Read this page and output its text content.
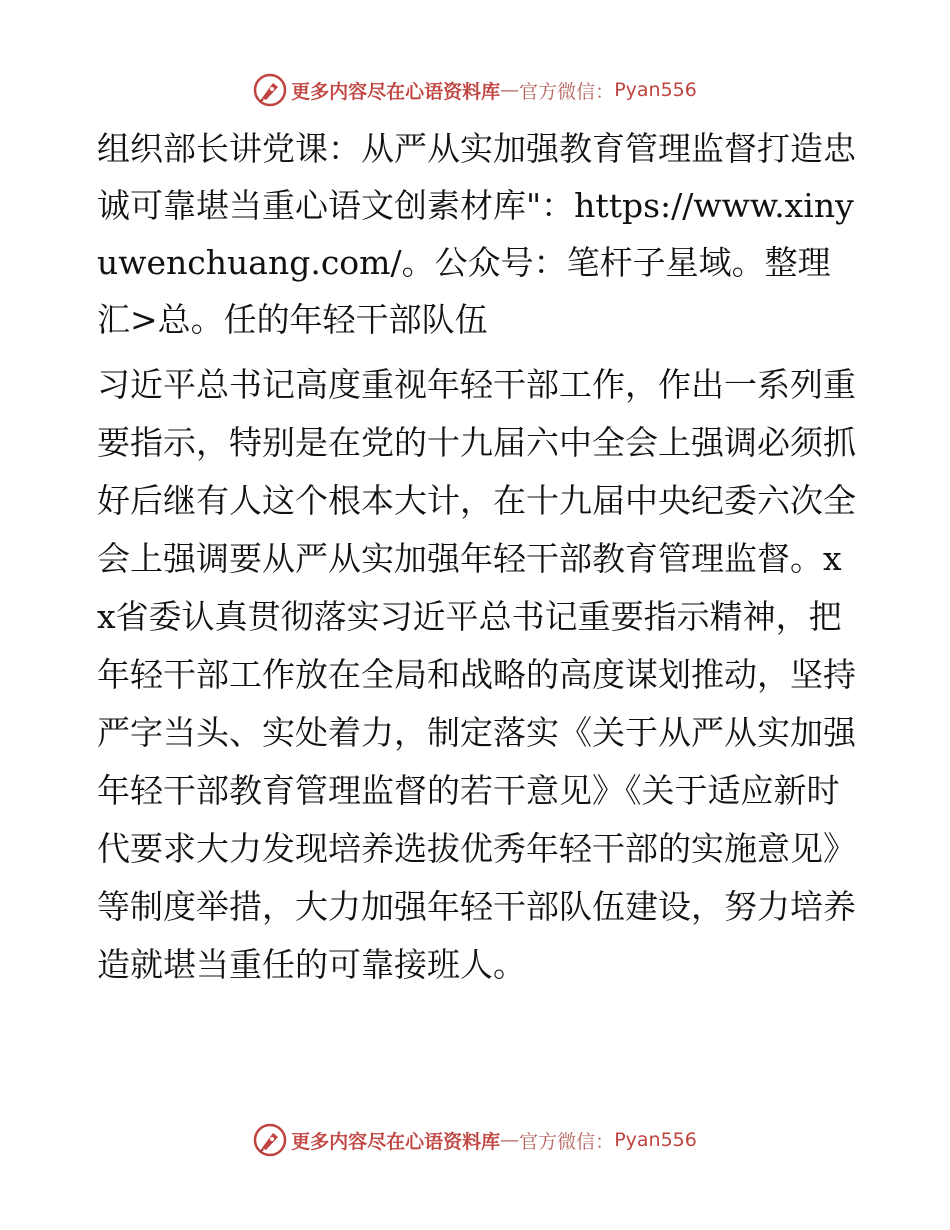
更多内容尽在心语资料库 — 官方微信： Pyan556

组织部长讲党课：从严从实加强教育管理监督打造忠诚可靠堪当重心语文创素材库"：https://www.xinyuwenchuang.com/。公众号：笔杆子星域。整理汇>总。任的年轻干部队伍

习近平总书记高度重视年轻干部工作，作出一系列重要指示，特别是在党的十九届六中全会上强调必须抓好后继有人这个根本大计，在十九届中央纪委六次全会上强调要从严从实加强年轻干部教育管理监督。xx省委认真贯彻落实习近平总书记重要指示精神，把年轻干部工作放在全局和战略的高度谋划推动，坚持严字当头、实处着力，制定落实《关于从严从实加强年轻干部教育管理监督的若干意见》《关于适应新时代要求大力发现培养选拔优秀年轻干部的实施意见》等制度举措，大力加强年轻干部队伍建设，努力培养造就堪当重任的可靠接班人。

更多内容尽在心语资料库 — 官方微信： Pyan556
